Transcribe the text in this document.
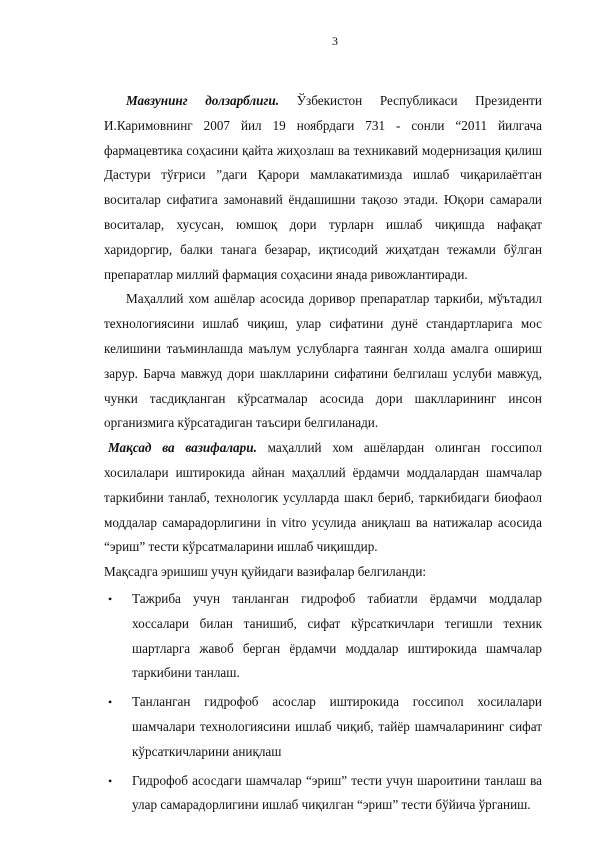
3

Мавзунинг долзарблиги. Ўзбекистон Республикаси Президенти И.Каримовнинг 2007 йил 19 ноябрдаги 731 - сонли “2011 йилгача фармацевтика соҳасини қайта жиҳозлаш ва техникавий модернизация қилиш Дастури тўғриси ”даги Қарори мамлакатимизда ишлаб чиқарилаётган воситалар сифатига замонавий ёндашишни тақозо этади. Юқори самарали воситалар, хусусан, юмшоқ дори турларн ишлаб чиқишда нафақат харидоргир, балки танага безарар, иқтисодий жиҳатдан тежамли бўлган препаратлар миллий фармация соҳасини янада ривожлантиради.

Маҳаллий хом ашёлар асосида доривор препаратлар таркиби, мўътадил технологиясини ишлаб чиқиш, улар сифатини дунё стандартларига мос келишини таъминлашда маълум услубларга таянган холда амалга ошириш зарур. Барча мавжуд дори шаклларини сифатини белгилаш услуби мавжуд, чунки тасдиқланган кўрсатмалар асосида дори шаклларининг инсон организмига кўрсатадиган таъсири белгиланади.

Мақсад ва вазифалари. маҳаллий хом ашёлардан олинган госсипол хосилалари иштирокида айнан маҳаллий ёрдамчи моддалардан шамчалар таркибини танлаб, технологик усулларда шакл бериб, таркибидаги биофаол моддалар самарадорлигини in vitro усулида аниқлаш ва натижалар асосида “эриш” тести кўрсатмаларини ишлаб чиқишдир.

Мақсадга эришиш учун қуйидаги вазифалар белгиланди:

• Тажриба учун танланган гидрофоб табиатли ёрдамчи моддалар хоссалари билан танишиб, сифат кўрсаткичлари тегишли техник шартларга жавоб берган ёрдамчи моддалар иштирокида шамчалар таркибини танлаш.

• Танланган гидрофоб асослар иштирокида госсипол хосилалари шамчалари технологиясини ишлаб чиқиб, тайёр шамчаларининг сифат кўрсаткичларини аниқлаш

• Гидрофоб асосдаги шамчалар “эриш” тести учун шароитини танлаш ва улар самарадорлигини ишлаб чиқилган “эриш” тести бўйича ўрганиш.
